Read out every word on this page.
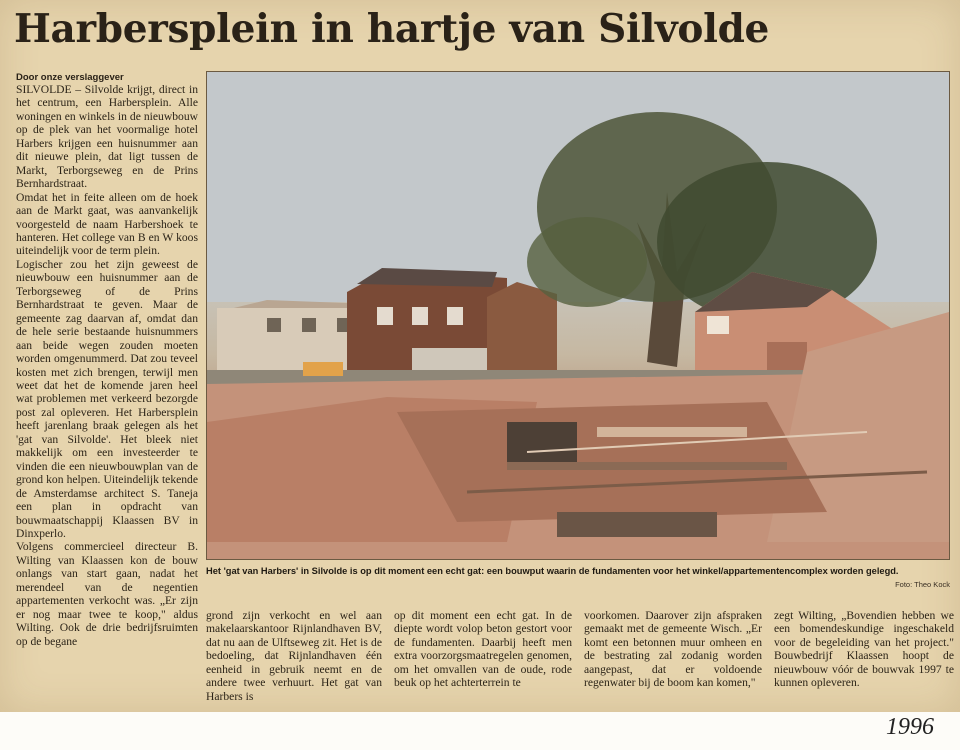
Harbersplein in hartje van Silvolde
Door onze verslaggever

SILVOLDE – Silvolde krijgt, direct in het centrum, een Harbersplein. Alle woningen en winkels in de nieuwbouw op de plek van het voormalige hotel Harbers krijgen een huisnummer aan dit nieuwe plein, dat ligt tussen de Markt, Terborgseweg en de Prins Bernhardstraat.

Omdat het in feite alleen om de hoek aan de Markt gaat, was aanvankelijk voorgesteld de naam Harbershoek te hanteren. Het college van B en W koos uiteindelijk voor de term plein.

Logischer zou het zijn geweest de nieuwbouw een huisnummer aan de Terborgseweg of de Prins Bernhardstraat te geven. Maar de gemeente zag daarvan af, omdat dan de hele serie bestaande huisnummers aan beide wegen zouden moeten worden omgenummerd. Dat zou teveel kosten met zich brengen, terwijl men weet dat het de komende jaren heel wat problemen met verkeerd bezorgde post zal opleveren. Het Harbersplein heeft jarenlang braak gelegen als het 'gat van Silvolde'. Het bleek niet makkelijk om een investeerder te vinden die een nieuwbouwplan van de grond kon helpen. Uiteindelijk tekende de Amsterdamse architect S. Taneja een plan in opdracht van bouwmaatschappij Klaassen BV in Dinxperlo.

Volgens commercieel directeur B. Wilting van Klaassen kon de bouw onlangs van start gaan, nadat het merendeel van de negentien appartementen verkocht was. „Er zijn er nog maar twee te koop," aldus Wilting. Ook de drie bedrijfsruimten op de begane

Het 'gat van Harbers' in Silvolde is op dit moment een echt gat: een bouwput waarin de fundamenten voor het winkel/appartementencomplex worden gelegd.
Foto: Theo Kock
grond zijn verkocht en wel aan makelaarskantoor Rijnlandhaven BV, dat nu aan de Ulftseweg zit. Het is de bedoeling, dat Rijnlandhaven één eenheid in gebruik neemt en de andere twee verhuurt. Het gat van Harbers is
op dit moment een echt gat. In de diepte wordt volop beton gestort voor de fundamenten. Daarbij heeft men extra voorzorgsmaatregelen genomen, om het omvallen van de oude, rode beuk op het achterterrein te
voorkomen. Daarover zijn afspraken gemaakt met de gemeente Wisch. „Er komt een betonnen muur omheen en de bestrating zal zodanig worden aangepast, dat er voldoende regenwater bij de boom kan komen,"
zegt Wilting, „Bovendien hebben we een bomendeskundige ingeschakeld voor de begeleiding van het project." Bouwbedrijf Klaassen hoopt de nieuwbouw vóór de bouwvak 1997 te kunnen opleveren.
1996
